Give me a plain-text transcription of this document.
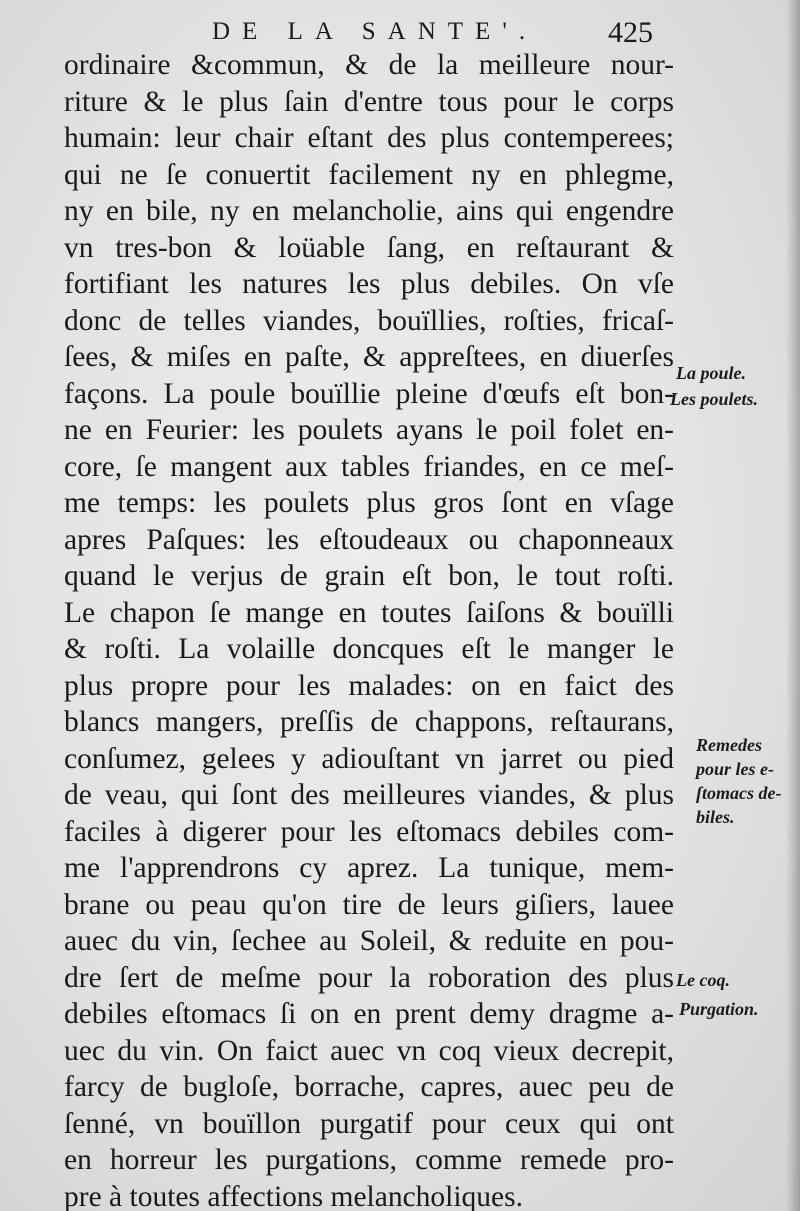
DE LA SANTE'. 425
ordinaire &commun, & de la meilleure nour-
riture & le plus ſain d'entre tous pour le corps
humain: leur chair eſtant des plus contemperees;
qui ne ſe conuertit facilement ny en phlegme,
ny en bile, ny en melancholie, ains qui engendre
vn tres-bon & loüable ſang, en reſtaurant &
fortifiant les natures les plus debiles. On vſe
donc de telles viandes, bouïllies, roſties, fricaſ-
ſees, & miſes en paſte, & appreſtees, en diuerſes
façons. La poule bouïllie pleine d'œufs eſt bon-
ne en Feurier: les poulets ayans le poil folet en-
core, ſe mangent aux tables friandes, en ce meſ-
me temps: les poulets plus gros ſont en vſage
apres Paſques: les eſtoudeaux ou chaponneaux
quand le verjus de grain eſt bon, le tout roſti.
Le chapon ſe mange en toutes ſaiſons & bouïlli
& roſti. La volaille doncques eſt le manger le
plus propre pour les malades: on en faict des
blancs mangers, preſſis de chappons, reſtaurans,
conſumez, gelees y adiouſtant vn jarret ou pied
de veau, qui ſont des meilleures viandes, & plus
faciles à digerer pour les eſtomacs debiles com-
me l'apprendrons cy aprez. La tunique, mem-
brane ou peau qu'on tire de leurs giſiers, lauee
auec du vin, ſechee au Soleil, & reduite en pou-
dre ſert de meſme pour la roboration des plus
debiles eſtomacs ſi on en prent demy dragme a-
uec du vin. On faict auec vn coq vieux decrepit,
farcy de bugloſe, borrache, capres, auec peu de
ſenné, vn bouïllon purgatif pour ceux qui ont
en horreur les purgations, comme remede pro-
pre à toutes affections melancholiques.
La poule.
Les poulets.
Remedes
pour les e-
ſtomacs de-
biles.
Le coq.
Purgation.
